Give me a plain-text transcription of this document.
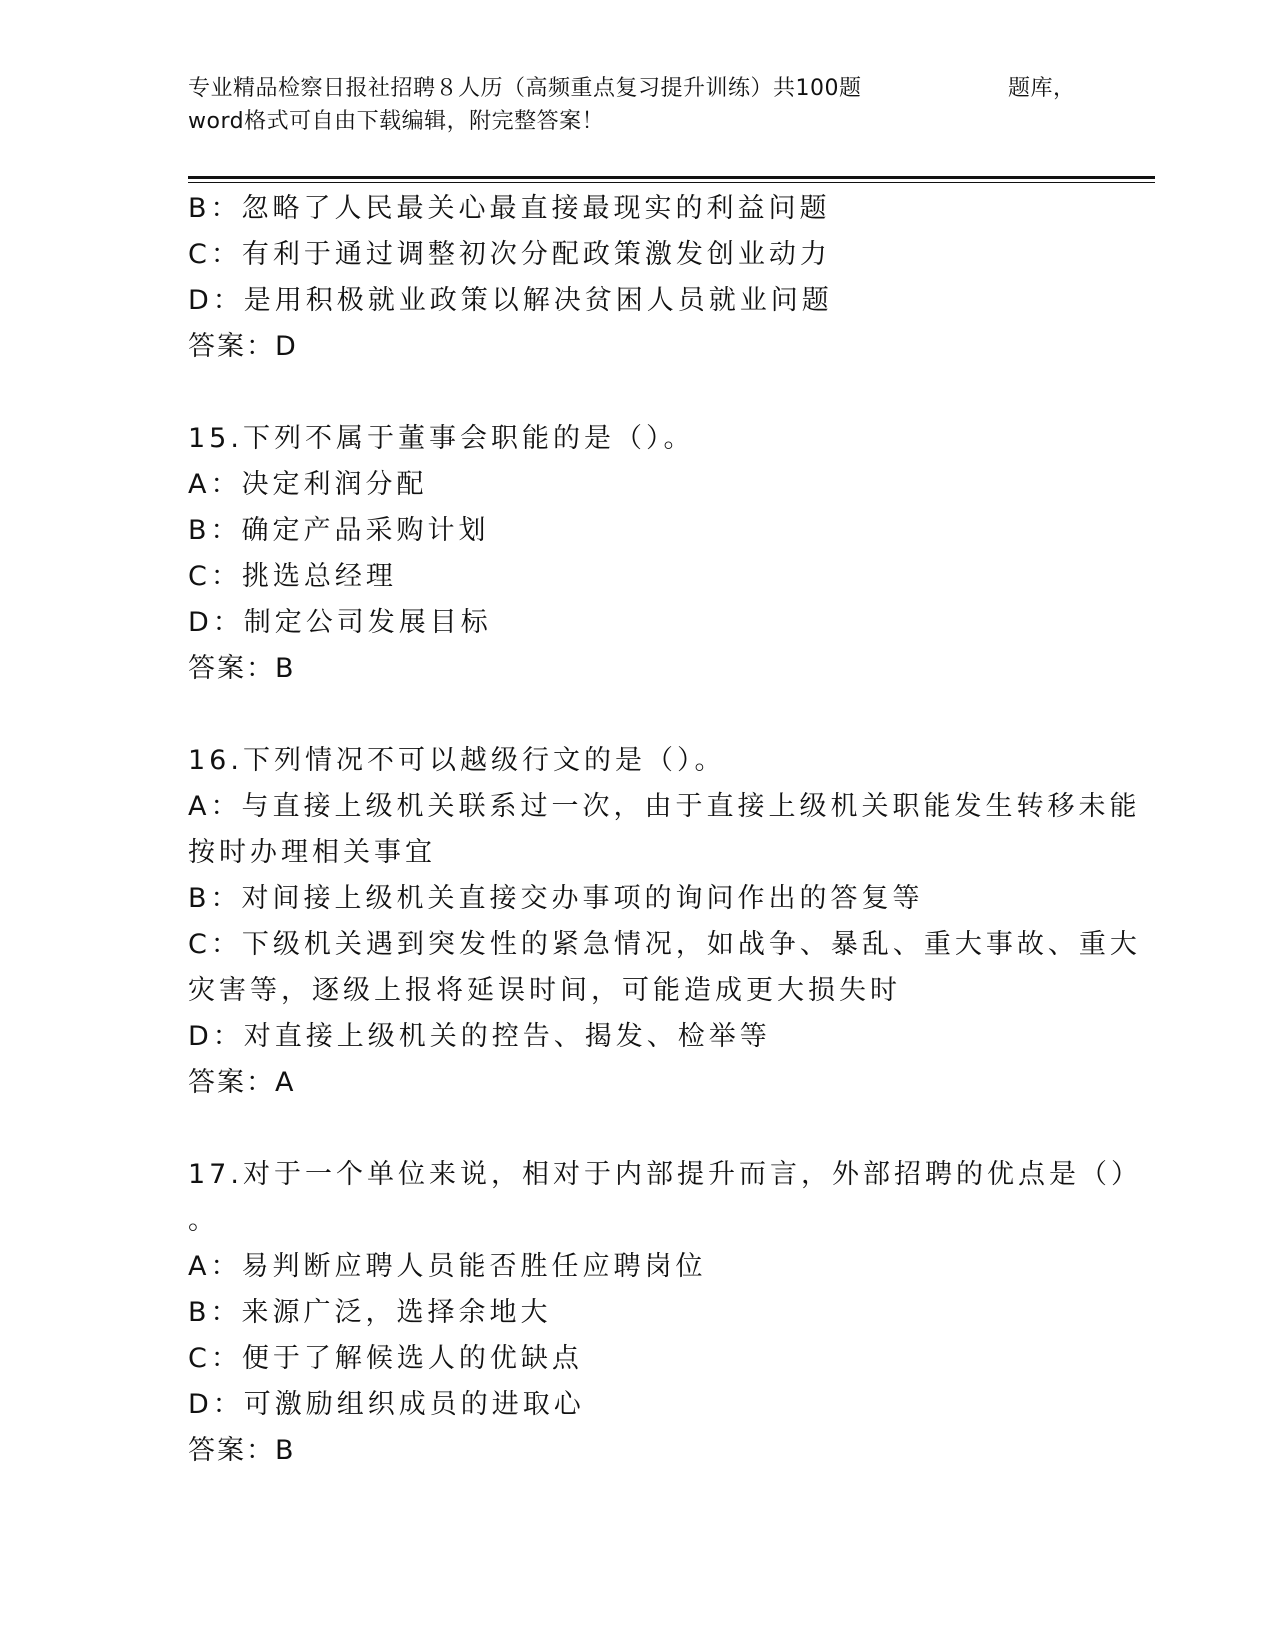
专业精品检察日报社招聘８人历（高频重点复习提升训练）共100题	题库，
word格式可自由下载编辑，附完整答案！
B：忽略了人民最关心最直接最现实的利益问题
C：有利于通过调整初次分配政策激发创业动力
D：是用积极就业政策以解决贫困人员就业问题
答案：D
15.下列不属于董事会职能的是（）。
A：决定利润分配
B：确定产品采购计划
C：挑选总经理
D：制定公司发展目标
答案：B
16.下列情况不可以越级行文的是（）。
A：与直接上级机关联系过一次，由于直接上级机关职能发生转移未能
按时办理相关事宜
B：对间接上级机关直接交办事项的询问作出的答复等
C：下级机关遇到突发性的紧急情况，如战争、暴乱、重大事故、重大
灾害等，逐级上报将延误时间，可能造成更大损失时
D：对直接上级机关的控告、揭发、检举等
答案：A
17.对于一个单位来说，相对于内部提升而言，外部招聘的优点是（）
。
A：易判断应聘人员能否胜任应聘岗位
B：来源广泛，选择余地大
C：便于了解候选人的优缺点
D：可激励组织成员的进取心
答案：B
